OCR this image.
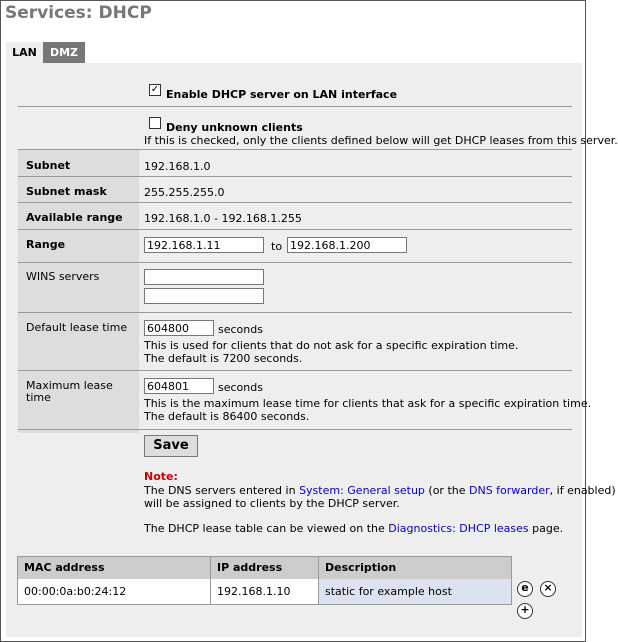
Services: DHCP
LAN	DMZ
✓ Enable DHCP server on LAN interface
Deny unknown clients
If this is checked, only the clients defined below will get DHCP leases from this server.
Subnet	192.168.1.0
Subnet mask	255.255.255.0
Available range 192.168.1.0 - 192.168.1.255
Range	192.168.1.11	to 192.168.1.200
WINS servers
Default lease time 604800	seconds
This is used for clients that do not ask for a specific expiration time.
The default is 7200 seconds.
Maximum lease
time
604801	seconds
This is the maximum lease time for clients that ask for a specific expiration time.
The default is 86400 seconds.
Save
Note:
The DNS servers entered in System: General setup (or the DNS forwarder, if enabled)
will be assigned to clients by the DHCP server.
The DHCP lease table can be viewed on the Diagnostics: DHCP leases page.
MAC address	IP address	Description
00:00:0a:b0:24:12	192.168.1.10	static for example host	e	×
+
